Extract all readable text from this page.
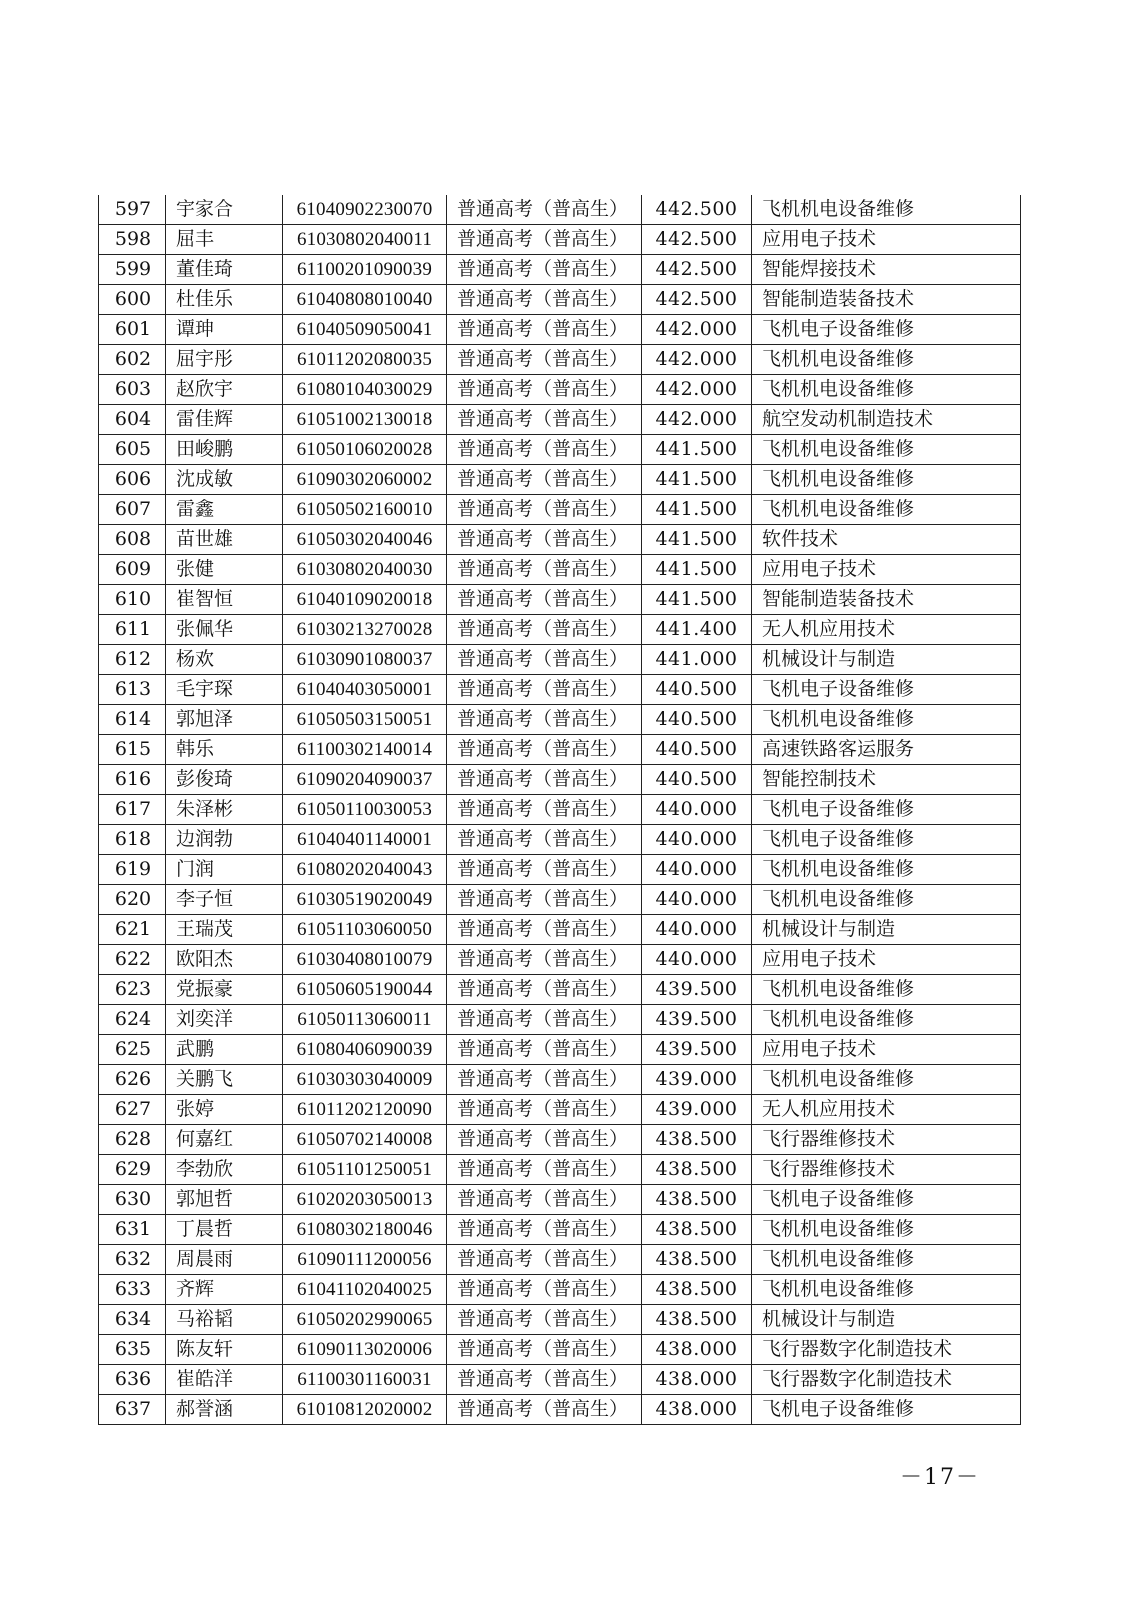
597	宇家合	61040902230070	普通高考（普高生）	442.500	飞机机电设备维修
598	屈丰	61030802040011	普通高考（普高生）	442.500	应用电子技术
599	董佳琦	61100201090039	普通高考（普高生）	442.500	智能焊接技术
600	杜佳乐	61040808010040	普通高考（普高生）	442.500	智能制造装备技术
601	谭珅	61040509050041	普通高考（普高生）	442.000	飞机电子设备维修
602	屈宇彤	61011202080035	普通高考（普高生）	442.000	飞机机电设备维修
603	赵欣宇	61080104030029	普通高考（普高生）	442.000	飞机机电设备维修
604	雷佳辉	61051002130018	普通高考（普高生）	442.000	航空发动机制造技术
605	田峻鹏	61050106020028	普通高考（普高生）	441.500	飞机机电设备维修
606	沈成敏	61090302060002	普通高考（普高生）	441.500	飞机机电设备维修
607	雷鑫	61050502160010	普通高考（普高生）	441.500	飞机机电设备维修
608	苗世雄	61050302040046	普通高考（普高生）	441.500	软件技术
609	张健	61030802040030	普通高考（普高生）	441.500	应用电子技术
610	崔智恒	61040109020018	普通高考（普高生）	441.500	智能制造装备技术
611	张佩华	61030213270028	普通高考（普高生）	441.400	无人机应用技术
612	杨欢	61030901080037	普通高考（普高生）	441.000	机械设计与制造
613	毛宇琛	61040403050001	普通高考（普高生）	440.500	飞机电子设备维修
614	郭旭泽	61050503150051	普通高考（普高生）	440.500	飞机机电设备维修
615	韩乐	61100302140014	普通高考（普高生）	440.500	高速铁路客运服务
616	彭俊琦	61090204090037	普通高考（普高生）	440.500	智能控制技术
617	朱泽彬	61050110030053	普通高考（普高生）	440.000	飞机电子设备维修
618	边润勃	61040401140001	普通高考（普高生）	440.000	飞机电子设备维修
619	门润	61080202040043	普通高考（普高生）	440.000	飞机机电设备维修
620	李子恒	61030519020049	普通高考（普高生）	440.000	飞机机电设备维修
621	王瑞茂	61051103060050	普通高考（普高生）	440.000	机械设计与制造
622	欧阳杰	61030408010079	普通高考（普高生）	440.000	应用电子技术
623	党振豪	61050605190044	普通高考（普高生）	439.500	飞机机电设备维修
624	刘奕洋	61050113060011	普通高考（普高生）	439.500	飞机机电设备维修
625	武鹏	61080406090039	普通高考（普高生）	439.500	应用电子技术
626	关鹏飞	61030303040009	普通高考（普高生）	439.000	飞机机电设备维修
627	张婷	61011202120090	普通高考（普高生）	439.000	无人机应用技术
628	何嘉红	61050702140008	普通高考（普高生）	438.500	飞行器维修技术
629	李勃欣	61051101250051	普通高考（普高生）	438.500	飞行器维修技术
630	郭旭哲	61020203050013	普通高考（普高生）	438.500	飞机电子设备维修
631	丁晨哲	61080302180046	普通高考（普高生）	438.500	飞机机电设备维修
632	周晨雨	61090111200056	普通高考（普高生）	438.500	飞机机电设备维修
633	齐辉	61041102040025	普通高考（普高生）	438.500	飞机机电设备维修
634	马裕韬	61050202990065	普通高考（普高生）	438.500	机械设计与制造
635	陈友轩	61090113020006	普通高考（普高生）	438.000	飞行器数字化制造技术
636	崔皓洋	61100301160031	普通高考（普高生）	438.000	飞行器数字化制造技术
637	郝誉涵	61010812020002	普通高考（普高生）	438.000	飞机电子设备维修
－17－
